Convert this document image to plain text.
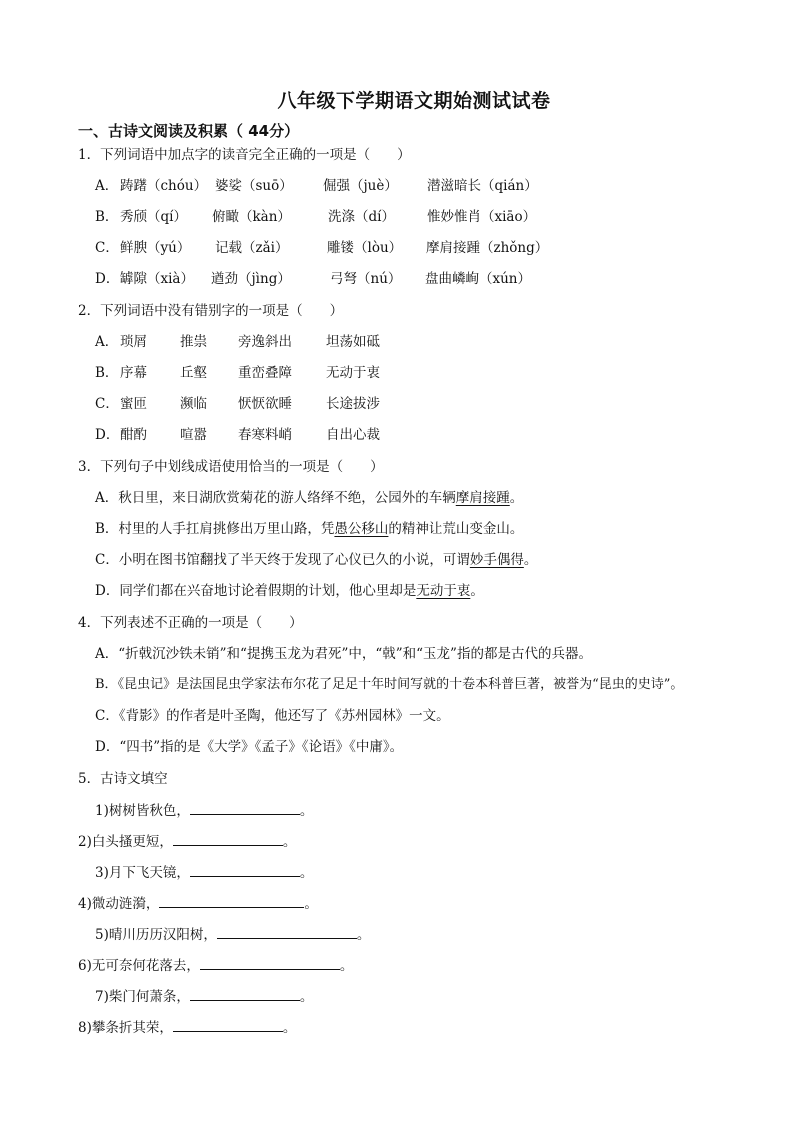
八年级下学期语文期始测试试卷
一、古诗文阅读及积累（ 44分）
1．下列词语中加点字的读音完全正确的一项是（　　）
A． 踌躇（chóu） 婆娑（suō） 倔强（juè） 潜滋暗长（qián）
B． 秀颀（qí） 俯瞰（kàn）	洗涤（dí） 惟妙惟肖（xiāo）
C． 鲜腴（yú） 记载（zǎi）	雕镂（lòu） 摩肩接踵（zhǒng）
D． 罅隙（xià） 遒劲（jìng）	弓弩（nú） 盘曲嶙峋（xún）
2．下列词语中没有错别字的一项是（　　）
A． 琐屑 推祟 旁逸斜出	坦荡如砥
B． 序幕 丘壑 重峦叠障	无动于衷
C． 蜜匝 濒临 恹恹欲睡	长途拔涉
D． 酣酌 喧嚣 春寒料峭	自出心裁
3．下列句子中划线成语使用恰当的一项是（　　）
A．秋日里，来日湖欣赏菊花的游人络绎不绝，公园外的车辆摩肩接踵。
B．村里的人手扛肩挑修出万里山路，凭愚公移山的精神让荒山变金山。
C．小明在图书馆翻找了半天终于发现了心仪已久的小说，可谓妙手偶得。
D．同学们都在兴奋地讨论着假期的计划，他心里却是无动于衷。
4．下列表述不正确的一项是（　　）
A．“折戟沉沙铁未销”和“提携玉龙为君死”中，“戟”和“玉龙”指的都是古代的兵器。
B．《昆虫记》是法国昆虫学家法布尔花了足足十年时间写就的十卷本科普巨著，被誉为“昆虫的史诗”。
C．《背影》的作者是叶圣陶，他还写了《苏州园林》一文。
D．“四书”指的是《大学》《孟子》《论语》《中庸》。
5．古诗文填空
1)树树皆秋色，	。
2)白头搔更短，	。
3)月下飞天镜，	。
4)微动涟漪，	。
5)晴川历历汉阳树，	。
6)无可奈何花落去，	。
7)柴门何萧条，	。
8)攀条折其荣，	。
